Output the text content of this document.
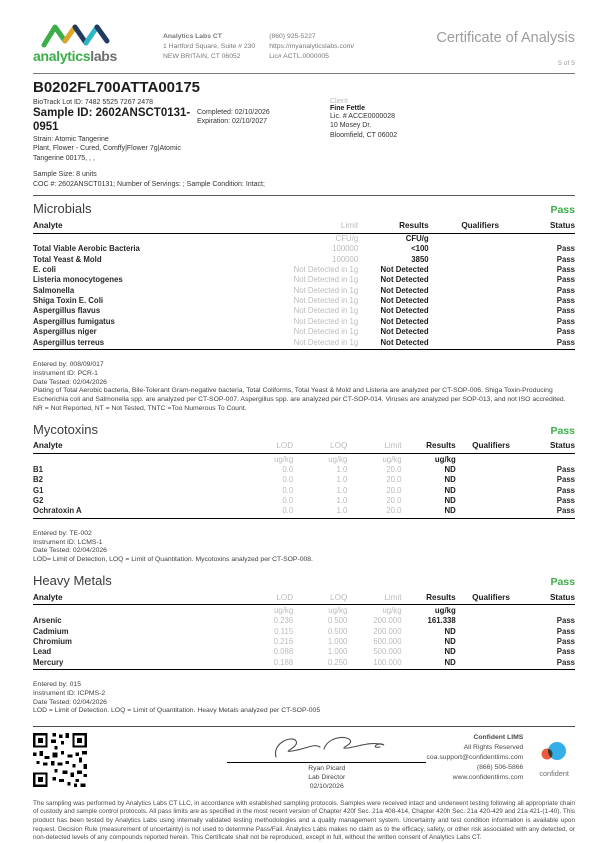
analyticslabs
Analytics Labs CT
1 Hartford Square, Suite # 230
NEW BRITAIN, CT 06052
(860) 925-5227
https://myanalyticslabs.com/
Lic# ACTL.0000005
Certificate of Analysis
5 of 5
B0202FL700ATTA00175
BioTrack Lot ID: 7482 5525 7267 2478
Sample ID: 2602ANSCT0131-0951
Strain: Atomic Tangerine
Plant, Flower - Cured, Comffy|Flower 7g|Atomic Tangerine 00175, , ,
Completed: 02/10/2026
Expiration: 02/10/2027
Client
Fine Fettle
Lic. # ACCE0000028
10 Mosey Dr.
Bloomfield, CT 06002
Sample Size: 8 units
COC #: 2602ANSCT0131; Number of Servings: ; Sample Condition: Intact;
Microbials	Pass
Analyte	Limit	Results	Qualifiers	Status
	CFU/g	CFU/g		
Total Viable Aerobic Bacteria	100000	<100		Pass
Total Yeast & Mold	100000	3850		Pass
E. coli	Not Detected in 1g	Not Detected		Pass
Listeria monocytogenes	Not Detected in 1g	Not Detected		Pass
Salmonella	Not Detected in 1g	Not Detected		Pass
Shiga Toxin E. Coli	Not Detected in 1g	Not Detected		Pass
Aspergillus flavus	Not Detected in 1g	Not Detected		Pass
Aspergillus fumigatus	Not Detected in 1g	Not Detected		Pass
Aspergillus niger	Not Detected in 1g	Not Detected		Pass
Aspergillus terreus	Not Detected in 1g	Not Detected		Pass
Entered by: 008/09/017
Instrument ID: PCR-1
Date Tested: 02/04/2026
Plating of Total Aerobic bacteria, Bile-Tolerant Gram-negative bacteria, Total Coliforms, Total Yeast & Mold and Listeria are analyzed per CT-SOP-006. Shiga Toxin-Producing Escherichia coli and Salmonella spp. are analyzed per CT-SOP-007. Aspergillus spp. are analyzed per CT-SOP-014. Viruses are analyzed per SOP-013, and not ISO accredited. NR = Not Reported, NT = Not Tested, TNTC =Too Numerous To Count.
Mycotoxins	Pass
Analyte	LOD	LOQ	Limit	Results	Qualifiers	Status
	ug/kg	ug/kg	ug/kg	ug/kg		
B1	0.0	1.0	20.0	ND		Pass
B2	0.0	1.0	20.0	ND		Pass
G1	0.0	1.0	20.0	ND		Pass
G2	0.0	1.0	20.0	ND		Pass
Ochratoxin A	0.0	1.0	20.0	ND		Pass
Entered by: TE-002
Instrument ID: LCMS-1
Date Tested: 02/04/2026
LOD= Limit of Detection, LOQ = Limit of Quantitation. Mycotoxins analyzed per CT-SOP-008.
Heavy Metals	Pass
Analyte	LOD	LOQ	Limit	Results	Qualifiers	Status
	ug/kg	ug/kg	ug/kg	ug/kg		
Arsenic	0.236	0.500	200.000	161.338		Pass
Cadmium	0.115	0.500	200.000	ND		Pass
Chromium	0.216	1.000	600.000	ND		Pass
Lead	0.088	1.000	500.000	ND		Pass
Mercury	0.188	0.250	100.000	ND		Pass
Entered by: 015
Instrument ID: ICPMS-2
Date Tested: 02/04/2026
LOD = Limit of Detection. LOQ = Limit of Quantitation. Heavy Metals analyzed per CT-SOP-005
Ryan Picard
Lab Director
02/10/2026
Confident LIMS
All Rights Reserved
coa.support@confidentlims.com
(866) 506-5866
www.confidentlims.com	confident
The sampling was performed by Analytics Labs CT LLC, in accordance with established sampling protocols. Samples were received intact and underwent testing following all appropriate chain of custody and sample control protocols. All pass limits are as specified in the most recent version of Chapter 420f Sec. 21a 408-414, Chapter 420h Sec. 21a 420-429 and 21a 421-(1-40). This product has been tested by Analytics Labs using internally validated testing methodologies and a quality management system. Uncertainty and test condition information is available upon request. Decision Rule (measurement of uncertainty) is not used to determine Pass/Fail. Analytics Labs makes no claim as to the efficacy, safety, or other risk associated with any detected, or non-detected levels of any compounds reported herein. This Certificate shall not be reproduced, except in full, without the written consent of Analytics Labs CT.
